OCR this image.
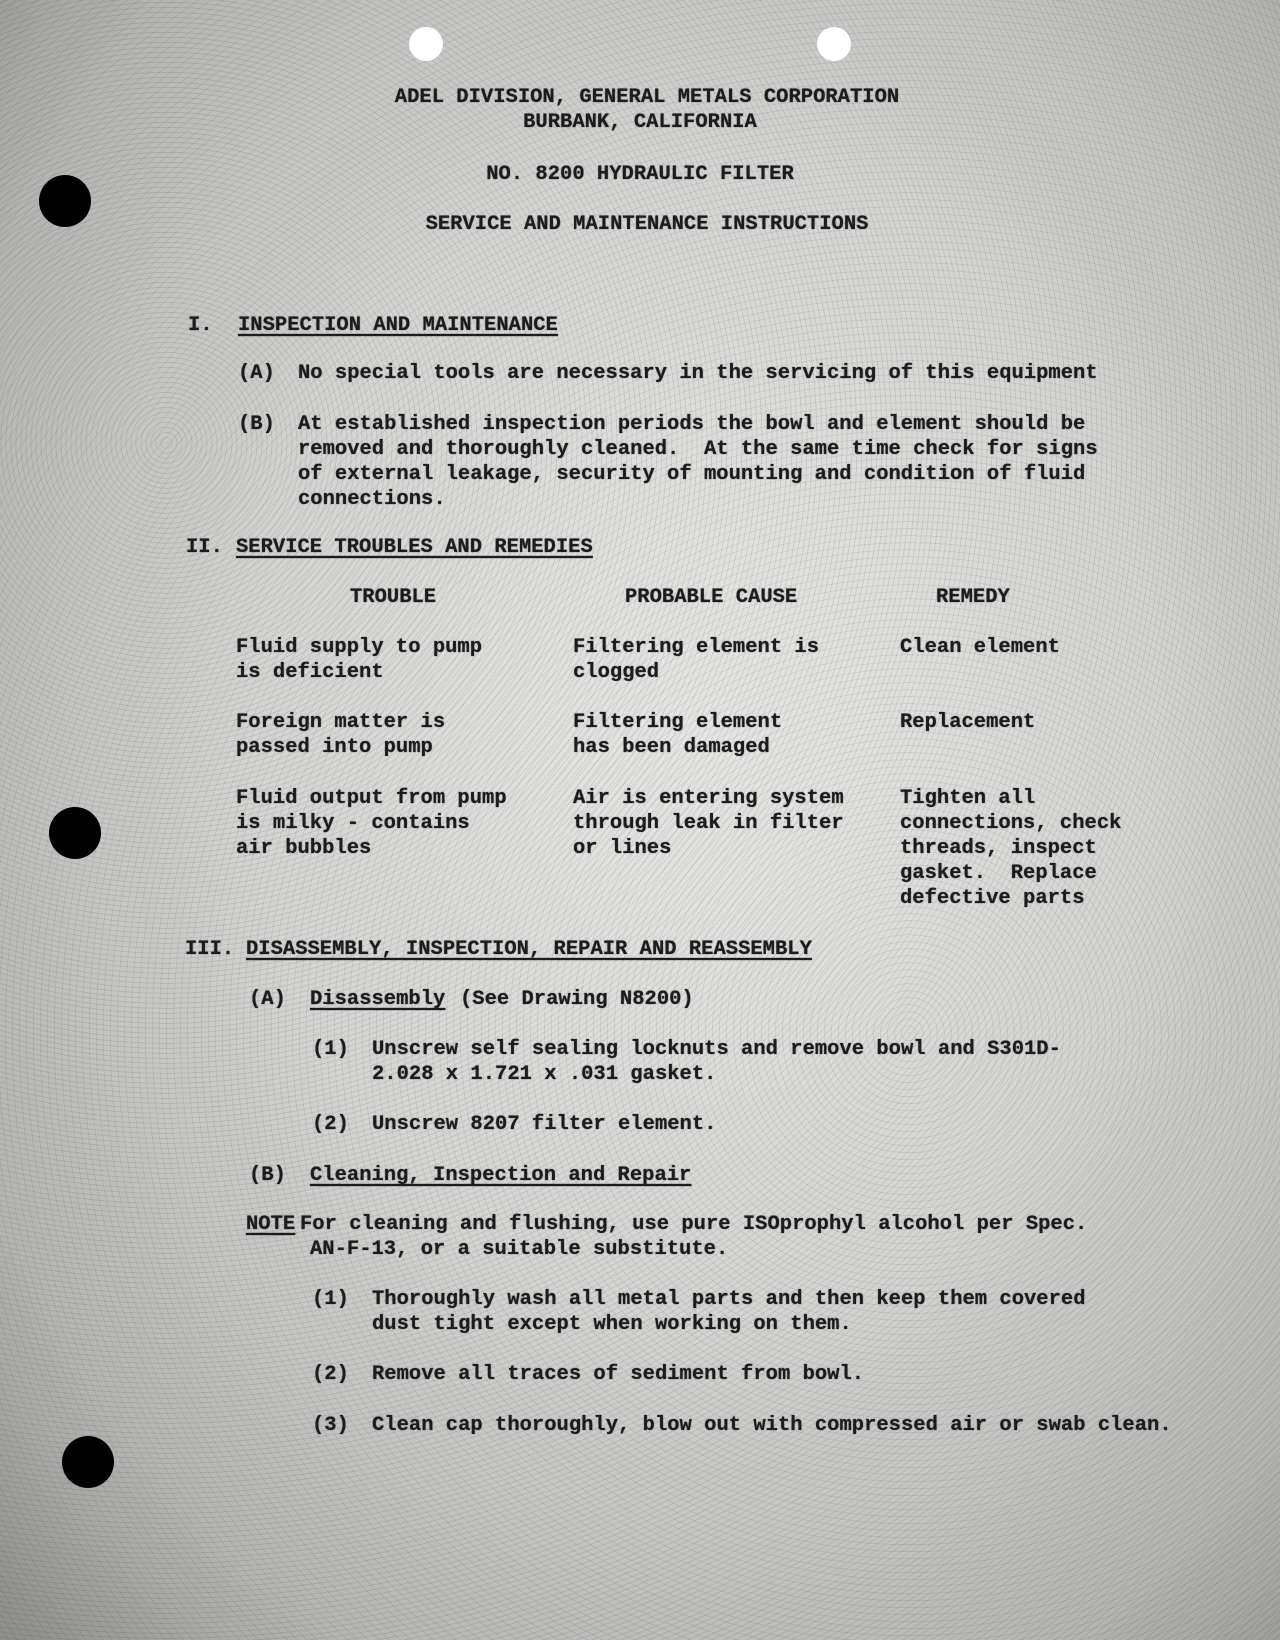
ADEL DIVISION, GENERAL METALS CORPORATION
BURBANK, CALIFORNIA
NO. 8200 HYDRAULIC FILTER
SERVICE AND MAINTENANCE INSTRUCTIONS
I. INSPECTION AND MAINTENANCE
(A) No special tools are necessary in the servicing of this equipment
(B) At established inspection periods the bowl and element should be
removed and thoroughly cleaned.  At the same time check for signs
of external leakage, security of mounting and condition of fluid
connections.
II. SERVICE TROUBLES AND REMEDIES
TROUBLE	PROBABLE CAUSE	REMEDY
Fluid supply to pump
is deficient
Filtering element is
clogged
Clean element
Foreign matter is
passed into pump
Filtering element
has been damaged
Replacement
Fluid output from pump
is milky - contains
air bubbles
Air is entering system
through leak in filter
or lines
Tighten all
connections, check
threads, inspect
gasket.  Replace
defective parts
III. DISASSEMBLY, INSPECTION, REPAIR AND REASSEMBLY
(A) Disassembly (See Drawing N8200)
(1) Unscrew self sealing locknuts and remove bowl and S301D-
2.028 x 1.721 x .031 gasket.
(2) Unscrew 8207 filter element.
(B) Cleaning, Inspection and Repair
NOTE For cleaning and flushing, use pure ISOprophyl alcohol per Spec.
AN-F-13, or a suitable substitute.
(1) Thoroughly wash all metal parts and then keep them covered
dust tight except when working on them.
(2) Remove all traces of sediment from bowl.
(3) Clean cap thoroughly, blow out with compressed air or swab clean.
